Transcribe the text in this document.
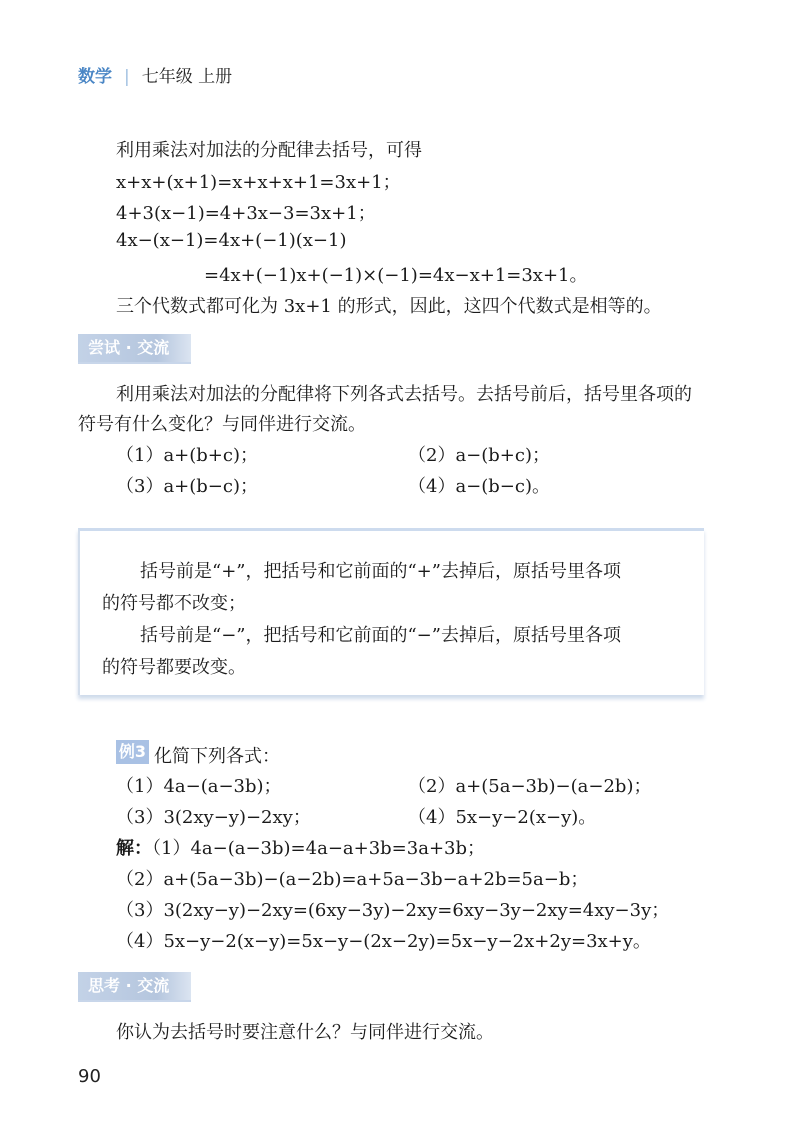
数学 | 七年级 上册
利用乘法对加法的分配律去括号，可得
x+x+(x+1)=x+x+x+1=3x+1；
4+3(x−1)=4+3x−3=3x+1；
4x−(x−1)=4x+(−1)(x−1)
=4x+(−1)x+(−1)×(−1)=4x−x+1=3x+1。
三个代数式都可化为 3x+1 的形式，因此，这四个代数式是相等的。
尝试 · 交流
利用乘法对加法的分配律将下列各式去括号。去括号前后，括号里各项的
符号有什么变化？与同伴进行交流。
（1）a+(b+c)；	（2）a−(b+c)；
（3）a+(b−c)；	（4）a−(b−c)。
括号前是“+”，把括号和它前面的“+”去掉后，原括号里各项
的符号都不改变；
括号前是“−”，把括号和它前面的“−”去掉后，原括号里各项
的符号都要改变。
例3 化简下列各式：
（1）4a−(a−3b)；	（2）a+(5a−3b)−(a−2b)；
（3）3(2xy−y)−2xy；	（4）5x−y−2(x−y)。
解：（1）4a−(a−3b)=4a−a+3b=3a+3b；
（2）a+(5a−3b)−(a−2b)=a+5a−3b−a+2b=5a−b；
（3）3(2xy−y)−2xy=(6xy−3y)−2xy=6xy−3y−2xy=4xy−3y；
（4）5x−y−2(x−y)=5x−y−(2x−2y)=5x−y−2x+2y=3x+y。
思考 · 交流
你认为去括号时要注意什么？与同伴进行交流。
90
